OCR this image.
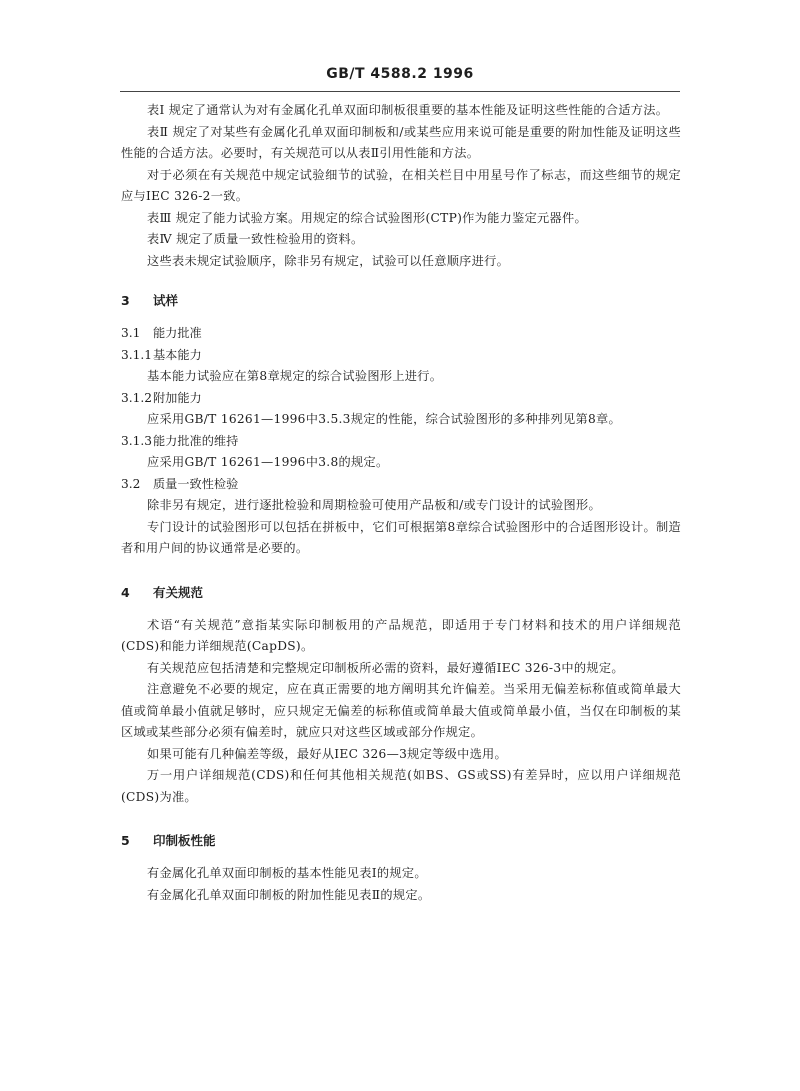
GB/T 4588.2 1996

表Ⅰ 规定了通常认为对有金属化孔单双面印制板很重要的基本性能及证明这些性能的合适方法。

表Ⅱ 规定了对某些有金属化孔单双面印制板和/或某些应用来说可能是重要的附加性能及证明这些性能的合适方法。必要时，有关规范可以从表Ⅱ引用性能和方法。

对于必须在有关规范中规定试验细节的试验，在相关栏目中用星号作了标志，而这些细节的规定应与IEC 326-2一致。

表Ⅲ 规定了能力试验方案。用规定的综合试验图形(CTP)作为能力鉴定元器件。

表Ⅳ 规定了质量一致性检验用的资料。

这些表未规定试验顺序，除非另有规定，试验可以任意顺序进行。

3 试样

3.1 能力批准

3.1.1基本能力

基本能力试验应在第8章规定的综合试验图形上进行。

3.1.2附加能力

应采用GB/T 16261—1996中3.5.3规定的性能，综合试验图形的多种排列见第8章。

3.1.3能力批准的维持

应采用GB/T 16261—1996中3.8的规定。

3.2 质量一致性检验

除非另有规定，进行逐批检验和周期检验可使用产品板和/或专门设计的试验图形。

专门设计的试验图形可以包括在拼板中，它们可根据第8章综合试验图形中的合适图形设计。制造者和用户间的协议通常是必要的。

4 有关规范

术语“有关规范”意指某实际印制板用的产品规范，即适用于专门材料和技术的用户详细规范(CDS)和能力详细规范(CapDS)。

有关规范应包括清楚和完整规定印制板所必需的资料，最好遵循IEC 326-3中的规定。

注意避免不必要的规定，应在真正需要的地方阐明其允许偏差。当采用无偏差标称值或简单最大值或简单最小值就足够时，应只规定无偏差的标称值或简单最大值或简单最小值，当仅在印制板的某区域或某些部分必须有偏差时，就应只对这些区域或部分作规定。

如果可能有几种偏差等级，最好从IEC 326—3规定等级中选用。

万一用户详细规范(CDS)和任何其他相关规范(如BS、GS或SS)有差异时，应以用户详细规范(CDS)为准。

5 印制板性能

有金属化孔单双面印制板的基本性能见表Ⅰ的规定。

有金属化孔单双面印制板的附加性能见表Ⅱ的规定。
